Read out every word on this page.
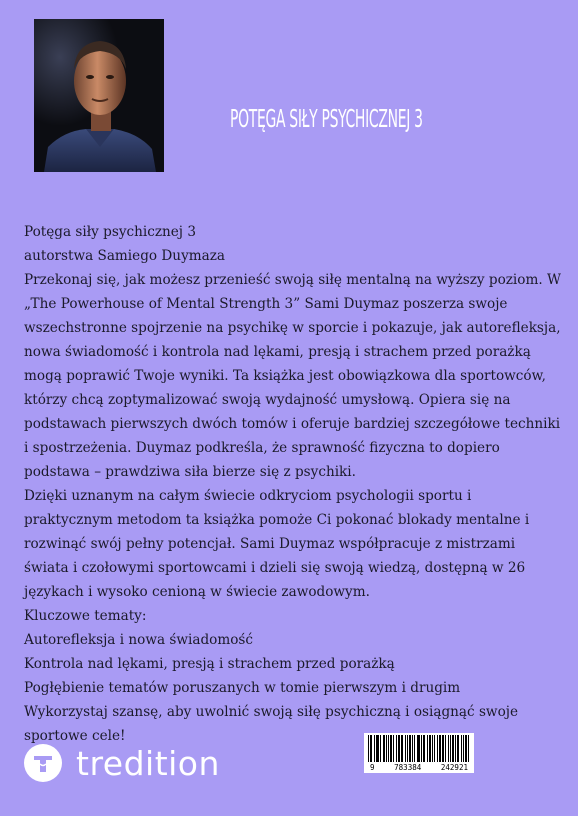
POTĘGA SIŁY PSYCHICZNEJ 3

Potęga siły psychicznej 3

autorstwa Samiego Duymaza

Przekonaj się, jak możesz przenieść swoją siłę mentalną na wyższy poziom. W „The Powerhouse of Mental Strength 3” Sami Duymaz poszerza swoje wszechstronne spojrzenie na psychikę w sporcie i pokazuje, jak autorefleksja, nowa świadomość i kontrola nad lękami, presją i strachem przed porażką mogą poprawić Twoje wyniki. Ta książka jest obowiązkowa dla sportowców, którzy chcą zoptymalizować swoją wydajność umysłową. Opiera się na podstawach pierwszych dwóch tomów i oferuje bardziej szczegółowe techniki i spostrzeżenia. Duymaz podkreśla, że sprawność fizyczna to dopiero podstawa – prawdziwa siła bierze się z psychiki.

Dzięki uznanym na całym świecie odkryciom psychologii sportu i praktycznym metodom ta książka pomoże Ci pokonać blokady mentalne i rozwinąć swój pełny potencjał. Sami Duymaz współpracuje z mistrzami świata i czołowymi sportowcami i dzieli się swoją wiedzą, dostępną w 26 językach i wysoko cenioną w świecie zawodowym.

Kluczowe tematy:

Autorefleksja i nowa świadomość

Kontrola nad lękami, presją i strachem przed porażką

Pogłębienie tematów poruszanych w tomie pierwszym i drugim

Wykorzystaj szansę, aby uwolnić swoją siłę psychiczną i osiągnąć swoje sportowe cele!

tredition	9	783384	242921
